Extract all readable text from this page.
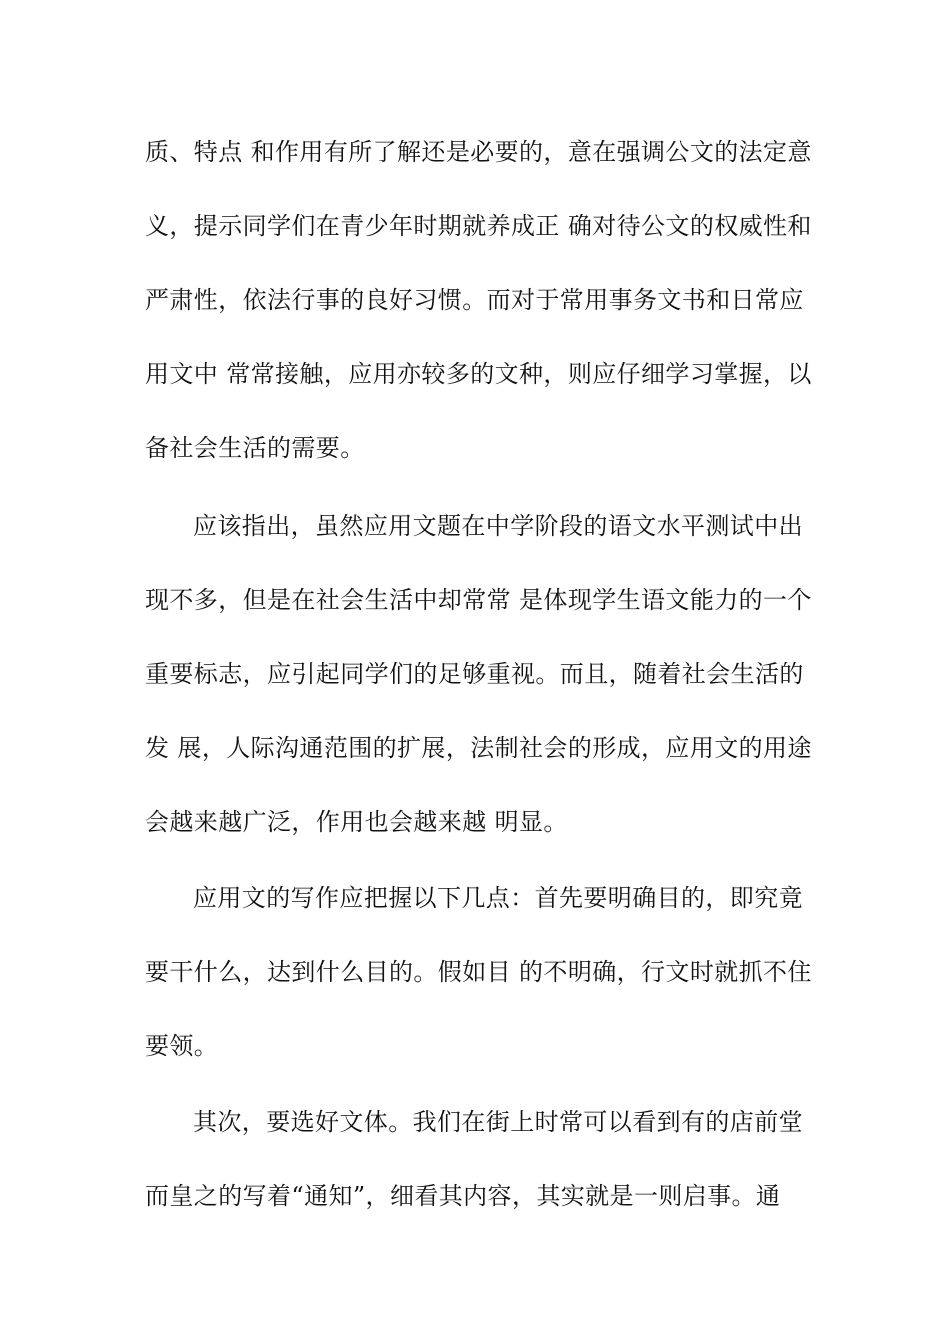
质、特点 和作用有所了解还是必要的，意在强调公文的法定意
义，提示同学们在青少年时期就养成正 确对待公文的权威性和
严肃性，依法行事的良好习惯。而对于常用事务文书和日常应
用文中 常常接触，应用亦较多的文种，则应仔细学习掌握，以
备社会生活的需要。
应该指出，虽然应用文题在中学阶段的语文水平测试中出
现不多，但是在社会生活中却常常 是体现学生语文能力的一个
重要标志，应引起同学们的足够重视。而且，随着社会生活的
发 展，人际沟通范围的扩展，法制社会的形成，应用文的用途
会越来越广泛，作用也会越来越 明显。
应用文的写作应把握以下几点：首先要明确目的，即究竟
要干什么，达到什么目的。假如目 的不明确，行文时就抓不住
要领。
其次，要选好文体。我们在街上时常可以看到有的店前堂
而皇之的写着“通知”，细看其内容，其实就是一则启事。通
